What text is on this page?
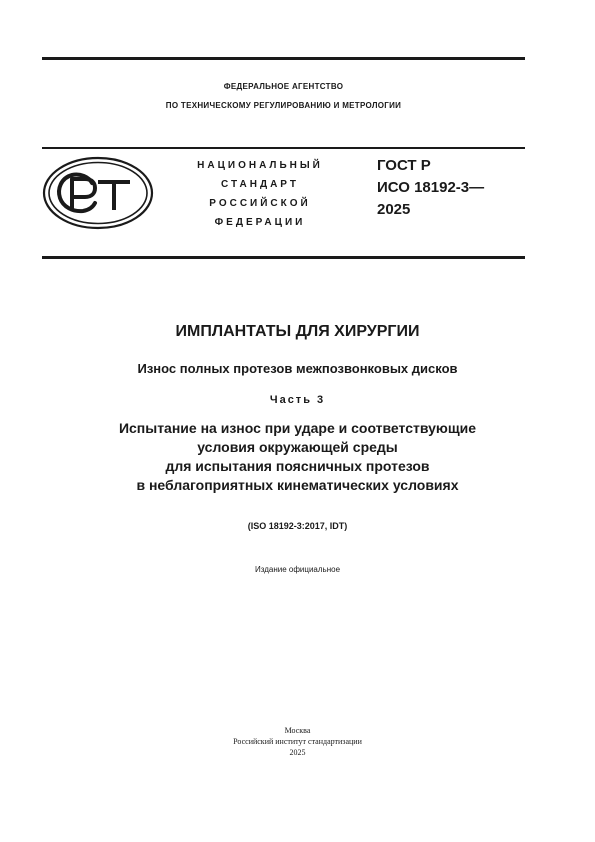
ФЕДЕРАЛЬНОЕ АГЕНТСТВО
ПО ТЕХНИЧЕСКОМУ РЕГУЛИРОВАНИЮ И МЕТРОЛОГИИ
НАЦИОНАЛЬНЫЙ
СТАНДАРТ
РОССИЙСКОЙ
ФЕДЕРАЦИИ
ГОСТ Р
ИСО 18192-3—
2025
ИМПЛАНТАТЫ ДЛЯ ХИРУРГИИ
Износ полных протезов межпозвонковых дисков
Часть 3
Испытание на износ при ударе и соответствующие
условия окружающей среды
для испытания поясничных протезов
в неблагоприятных кинематических условиях
(ISO 18192-3:2017, IDT)
Издание официальное
Москва
Российский институт стандартизации
2025
